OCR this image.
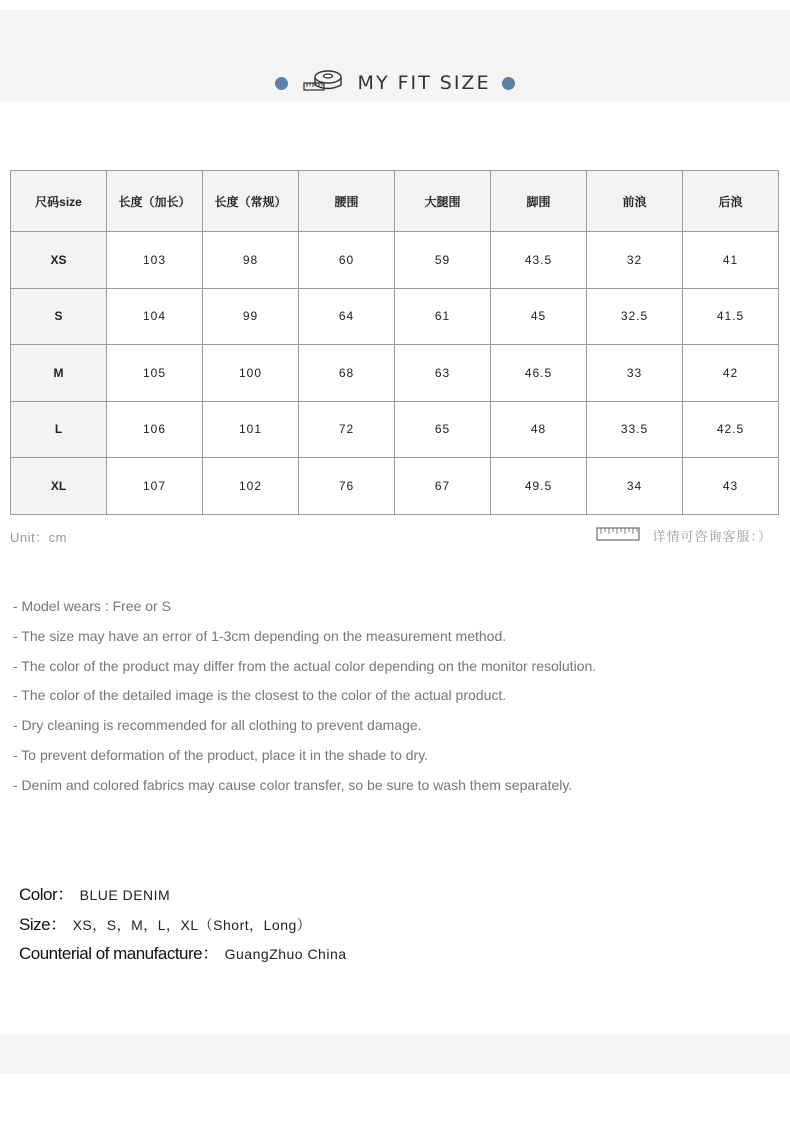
MY FIT SIZE
尺码size	长度（加长）	长度（常规）	腰围	大腿围	脚围	前浪	后浪
XS	103	98	60	59	43.5	32	41
S	104	99	64	61	45	32.5	41.5
M	105	100	68	63	46.5	33	42
L	106	101	72	65	48	33.5	42.5
XL	107	102	76	67	49.5	34	43
Unit：cm	详情可咨询客服：）
- Model wears : Free or S
- The size may have an error of 1-3cm depending on the measurement method.
- The color of the product may differ from the actual color depending on the monitor resolution.
- The color of the detailed image is the closest to the color of the actual product.
- Dry cleaning is recommended for all clothing to prevent damage.
- To prevent deformation of the product, place it in the shade to dry.
- Denim and colored fabrics may cause color transfer, so be sure to wash them separately.
Color： BLUE DENIM
Size： XS，S，M，L，XL（Short，Long）
Counterial of manufacture： GuangZhuo China
